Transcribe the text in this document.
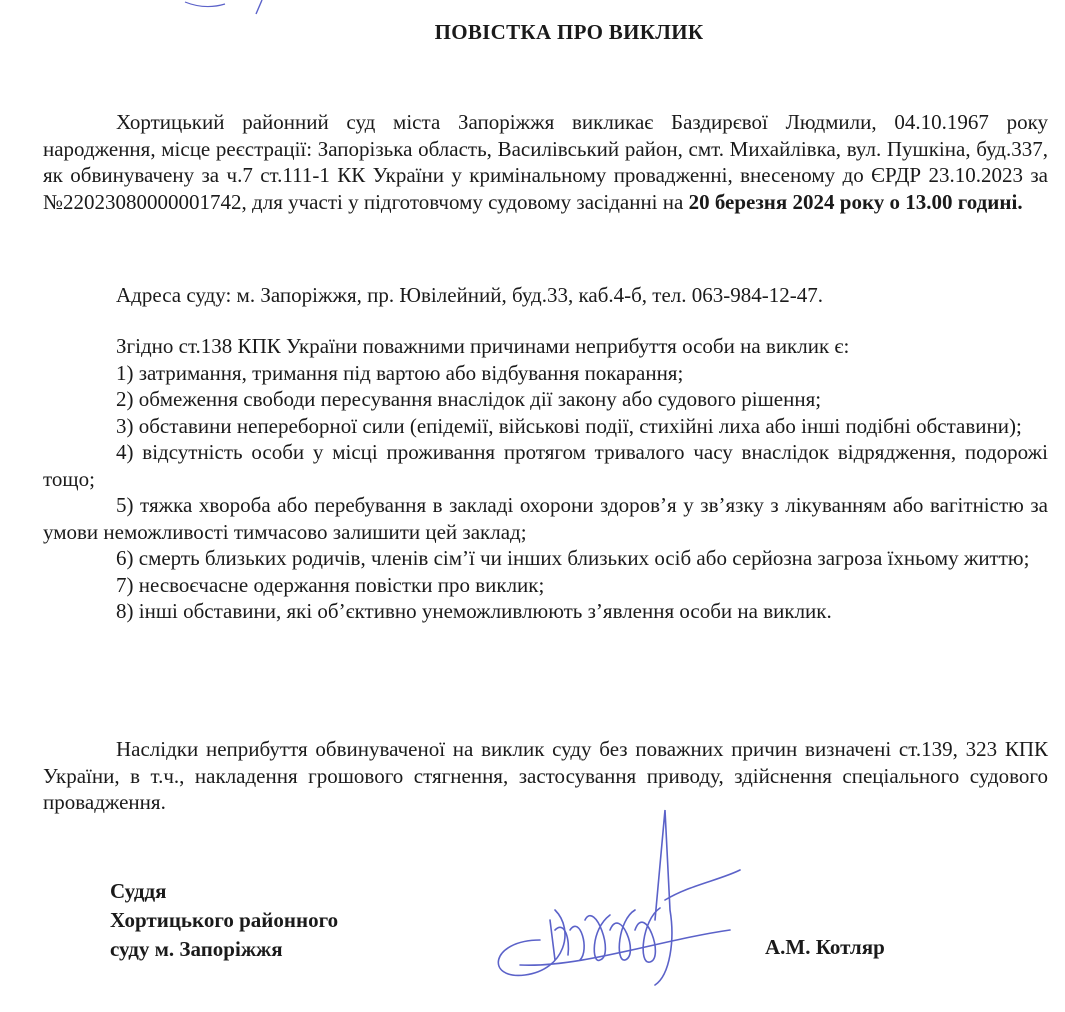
ПОВІСТКА ПРО ВИКЛИК

Хортицький районний суд міста Запоріжжя викликає Баздирєвої Людмили, 04.10.1967 року народження, місце реєстрації: Запорізька область, Василівський район, смт. Михайлівка, вул. Пушкіна, буд.337, як обвинувачену за ч.7 ст.111-1 КК України у кримінальному провадженні, внесеному до ЄРДР 23.10.2023 за №22023080000001742, для участі у підготовчому судовому засіданні на 20 березня 2024 року о 13.00 годині.

Адреса суду: м. Запоріжжя, пр. Ювілейний, буд.33, каб.4-б, тел. 063-984-12-47.

Згідно ст.138 КПК України поважними причинами неприбуття особи на виклик є:

1) затримання, тримання під вартою або відбування покарання;

2) обмеження свободи пересування внаслідок дії закону або судового рішення;

3) обставини непереборної сили (епідемії, військові події, стихійні лиха або інші подібні обставини);

4) відсутність особи у місці проживання протягом тривалого часу внаслідок відрядження, подорожі тощо;

5) тяжка хвороба або перебування в закладі охорони здоров’я у зв’язку з лікуванням або вагітністю за умови неможливості тимчасово залишити цей заклад;

6) смерть близьких родичів, членів сім’ї чи інших близьких осіб або серйозна загроза їхньому життю;

7) несвоєчасне одержання повістки про виклик;

8) інші обставини, які об’єктивно унеможливлюють з’явлення особи на виклик.

Наслідки неприбуття обвинуваченої на виклик суду без поважних причин визначені ст.139, 323 КПК України, в т.ч., накладення грошового стягнення, застосування приводу, здійснення спеціального судового провадження.

Суддя
Хортицького районного
суду м. Запоріжжя	А.М. Котляр
